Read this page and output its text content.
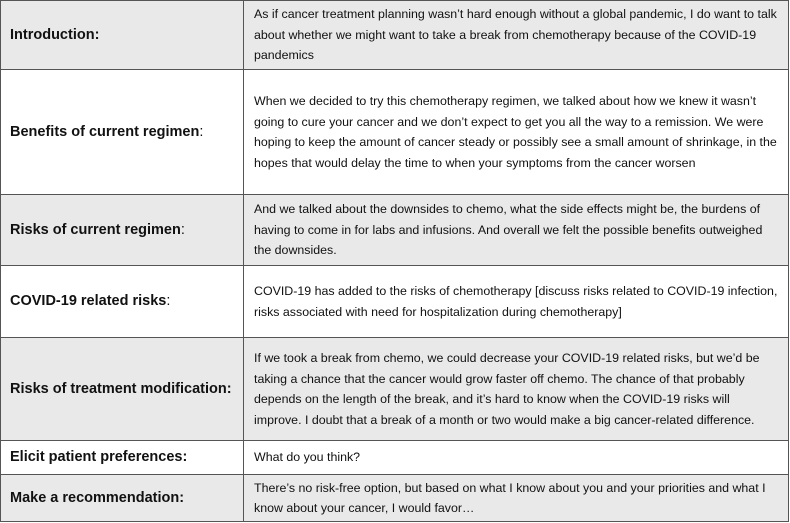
Introduction:	As if cancer treatment planning wasn’t hard enough without a global pandemic, I do want to talk about whether we might want to take a break from chemotherapy because of the COVID-19 pandemics
Benefits of current regimen:	When we decided to try this chemotherapy regimen, we talked about how we knew it wasn’t going to cure your cancer and we don’t expect to get you all the way to a remission. We were hoping to keep the amount of cancer steady or possibly see a small amount of shrinkage, in the hopes that would delay the time to when your symptoms from the cancer worsen
Risks of current regimen:	And we talked about the downsides to chemo, what the side effects might be, the burdens of having to come in for labs and infusions. And overall we felt the possible benefits outweighed the downsides.
COVID-19 related risks:	COVID-19 has added to the risks of chemotherapy [discuss risks related to COVID-19 infection, risks associated with need for hospitalization during chemotherapy]
Risks of treatment modification:	If we took a break from chemo, we could decrease your COVID-19 related risks, but we’d be taking a chance that the cancer would grow faster off chemo. The chance of that probably depends on the length of the break, and it’s hard to know when the COVID-19 risks will improve. I doubt that a break of a month or two would make a big cancer-related difference.
Elicit patient preferences:	What do you think?
Make a recommendation:	There’s no risk-free option, but based on what I know about you and your priorities and what I know about your cancer, I would favor…
